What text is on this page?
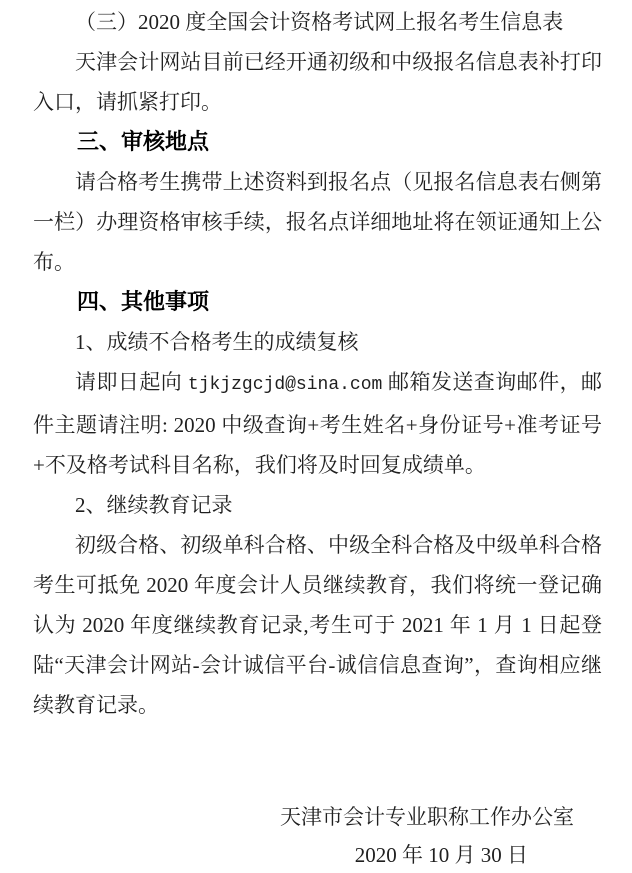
（三）2020 度全国会计资格考试网上报名考生信息表

天津会计网站目前已经开通初级和中级报名信息表补打印入口，请抓紧打印。

三、审核地点

请合格考生携带上述资料到报名点（见报名信息表右侧第一栏）办理资格审核手续，报名点详细地址将在领证通知上公布。

四、其他事项

1、成绩不合格考生的成绩复核

请即日起向 tjkjzgcjd@sina.com 邮箱发送查询邮件，邮件主题请注明: 2020 中级查询+考生姓名+身份证号+准考证号+不及格考试科目名称，我们将及时回复成绩单。

2、继续教育记录

初级合格、初级单科合格、中级全科合格及中级单科合格考生可抵免 2020 年度会计人员继续教育，我们将统一登记确认为 2020 年度继续教育记录,考生可于 2021 年 1 月 1 日起登陆“天津会计网站-会计诚信平台-诚信信息查询”，查询相应继续教育记录。

天津市会计专业职称工作办公室

2020 年 10 月 30 日
